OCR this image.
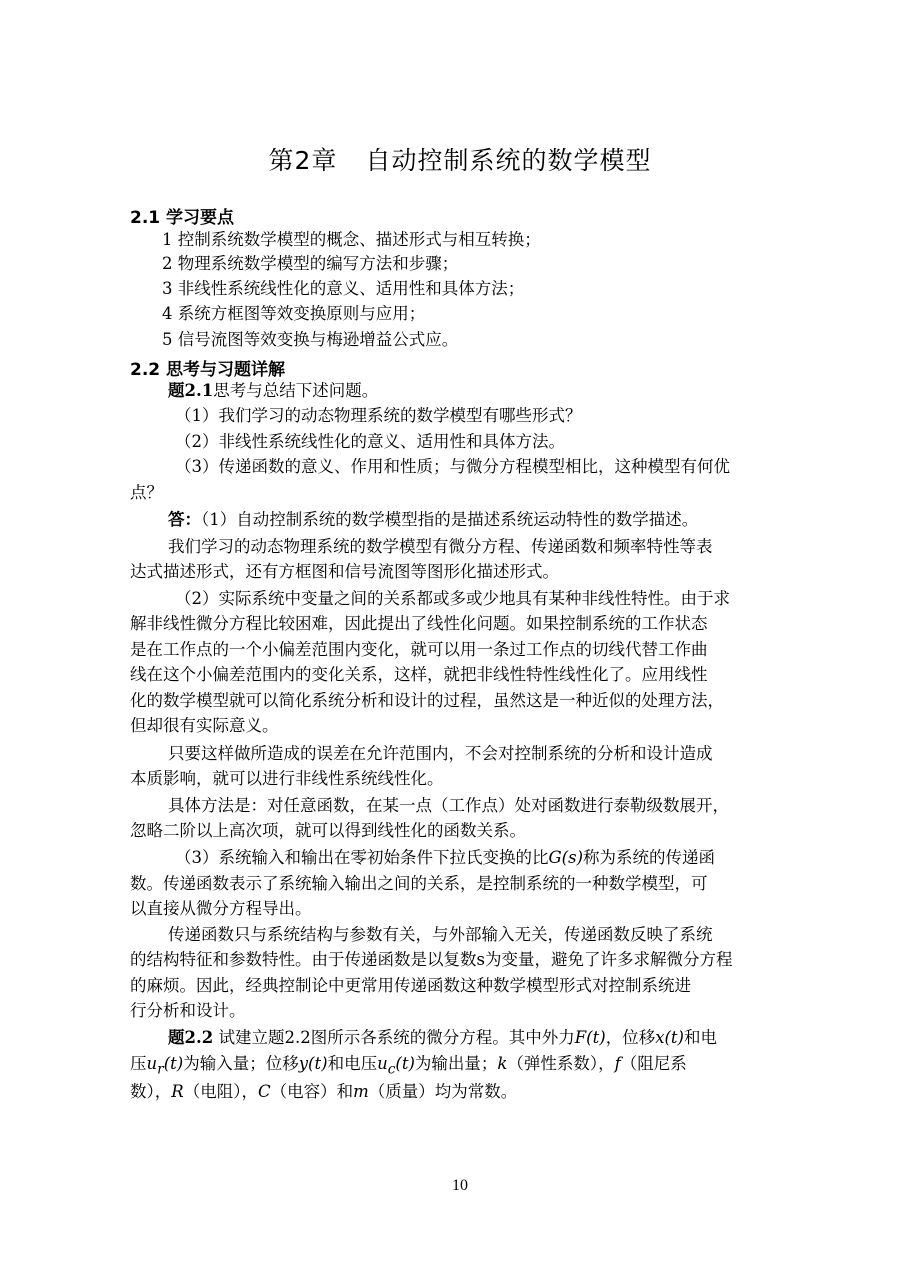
第2章 自动控制系统的数学模型
2.1 学习要点
1 控制系统数学模型的概念、描述形式与相互转换；
2 物理系统数学模型的编写方法和步骤；
3 非线性系统线性化的意义、适用性和具体方法；
4 系统方框图等效变换原则与应用；
5 信号流图等效变换与梅逊增益公式应。
2.2 思考与习题详解
题2.1思考与总结下述问题。
（1）我们学习的动态物理系统的数学模型有哪些形式？
（2）非线性系统线性化的意义、适用性和具体方法。
（3）传递函数的意义、作用和性质；与微分方程模型相比，这种模型有何优
点？
答：（1）自动控制系统的数学模型指的是描述系统运动特性的数学描述。
我们学习的动态物理系统的数学模型有微分方程、传递函数和频率特性等表
达式描述形式，还有方框图和信号流图等图形化描述形式。
（2）实际系统中变量之间的关系都或多或少地具有某种非线性特性。由于求
解非线性微分方程比较困难，因此提出了线性化问题。如果控制系统的工作状态
是在工作点的一个小偏差范围内变化，就可以用一条过工作点的切线代替工作曲
线在这个小偏差范围内的变化关系，这样，就把非线性特性线性化了。应用线性
化的数学模型就可以简化系统分析和设计的过程，虽然这是一种近似的处理方法，
但却很有实际意义。
只要这样做所造成的误差在允许范围内，不会对控制系统的分析和设计造成
本质影响，就可以进行非线性系统线性化。
具体方法是：对任意函数，在某一点（工作点）处对函数进行泰勒级数展开，
忽略二阶以上高次项，就可以得到线性化的函数关系。
（3）系统输入和输出在零初始条件下拉氏变换的比G(s)称为系统的传递函
数。传递函数表示了系统输入输出之间的关系，是控制系统的一种数学模型，可
以直接从微分方程导出。
传递函数只与系统结构与参数有关，与外部输入无关，传递函数反映了系统
的结构特征和参数特性。由于传递函数是以复数s为变量，避免了许多求解微分方程
的麻烦。因此，经典控制论中更常用传递函数这种数学模型形式对控制系统进
行分析和设计。
题2.2 试建立题2.2图所示各系统的微分方程。其中外力F(t)，位移x(t)和电
压$u_r(t)$为输入量；位移y(t)和电压$u_c(t)$为输出量；k（弹性系数），f（阻尼系
数），R（电阻），C（电容）和m（质量）均为常数。
10
